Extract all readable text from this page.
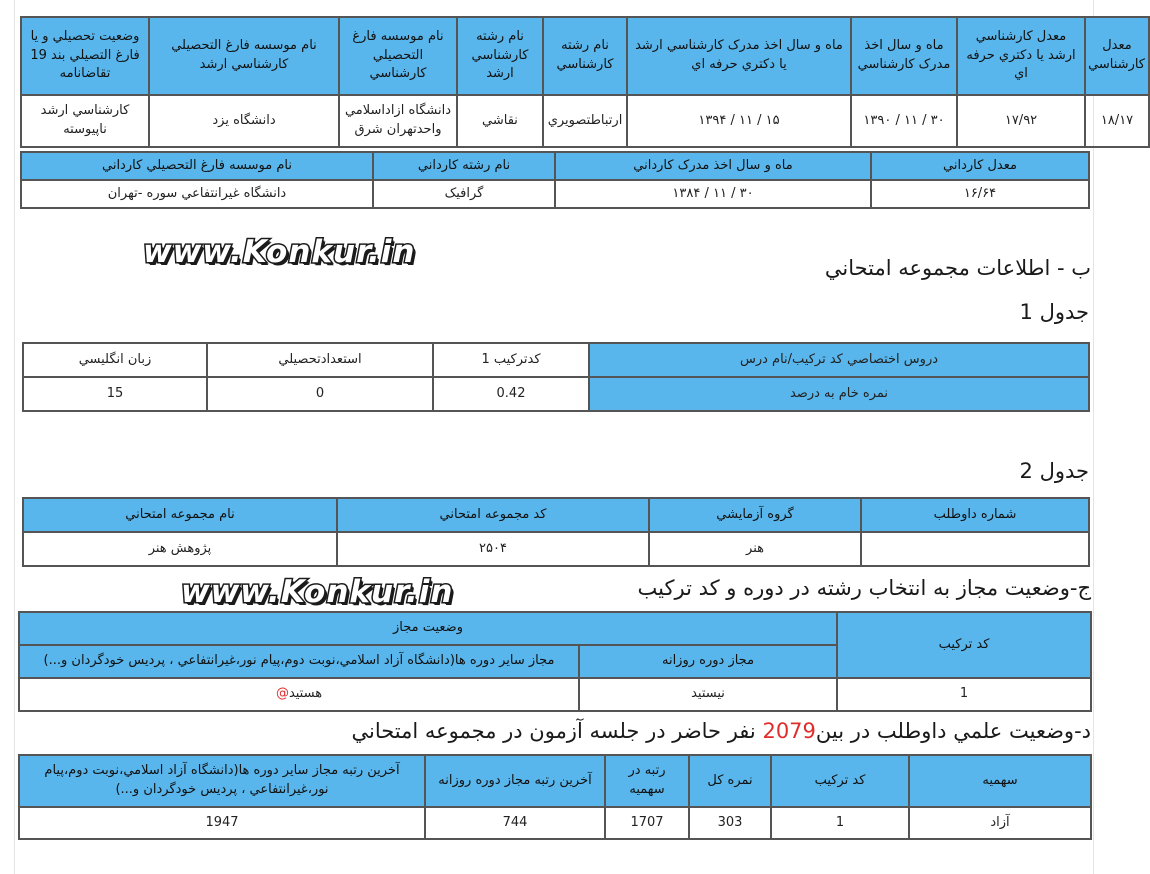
معدل كارشناسي	معدل كارشناسي ارشد يا دكتري حرفه اي	ماه و سال اخذ مدرک كارشناسي	ماه و سال اخذ مدرک كارشناسي ارشد يا دكتري حرفه اي	نام رشته كارشناسي	نام رشته كارشناسي ارشد	نام موسسه فارغ التحصيلي كارشناسي	نام موسسه فارغ التحصيلي كارشناسي ارشد	وضعيت تحصيلي و يا فارغ التصيلي بند 19 تقاضانامه
۱۸/۱۷	۱۷/۹۲	۳۰ / ۱۱ / ۱۳۹۰	۱۵ / ۱۱ / ۱۳۹۴	ارتباطتصويري	نقاشي	دانشگاه ازاداسلامي واحدتهران شرق	دانشگاه يزد	كارشناسي ارشد ناپيوسته
معدل كارداني	ماه و سال اخذ مدرک كارداني	نام رشته كارداني	نام موسسه فارغ التحصيلي كارداني
۱۶/۶۴	۳۰ / ۱۱ / ۱۳۸۴	گرافيک	دانشگاه غيرانتفاعي سوره -تهران
www.Konkur.in	ب - اطلاعات مجموعه امتحاني
جدول 1
دروس اختصاصي كد تركيب/نام درس	كدتركيب 1	استعدادتحصيلي	زبان انگليسي
نمره خام به درصد	0.42	0	15
جدول 2
شماره داوطلب	گروه آزمايشي	كد مجموعه امتحاني	نام مجموعه امتحاني
	هنر	۲۵۰۴	پژوهش هنر
www.Konkur.in	ج-وضعيت مجاز به انتخاب رشته در دوره و كد تركيب
كد تركيب	وضعيت مجاز	
	مجاز دوره روزانه	مجاز ساير دوره ها(دانشگاه آزاد اسلامي،نوبت دوم،پيام نور،غيرانتفاعي ، پرديس خودگردان و...)
1	نيستيد	هستيد@
د-وضعيت علمي داوطلب در بين2079 نفر حاضر در جلسه آزمون در مجموعه امتحاني
سهميه	كد تركيب	نمره كل	رتبه در سهميه	آخرين رتبه مجاز دوره روزانه	آخرين رتبه مجاز ساير دوره ها(دانشگاه آزاد اسلامي،نوبت دوم،پيام نور،غيرانتفاعي ، پرديس خودگردان و...)
آزاد	1	303	1707	744	1947
